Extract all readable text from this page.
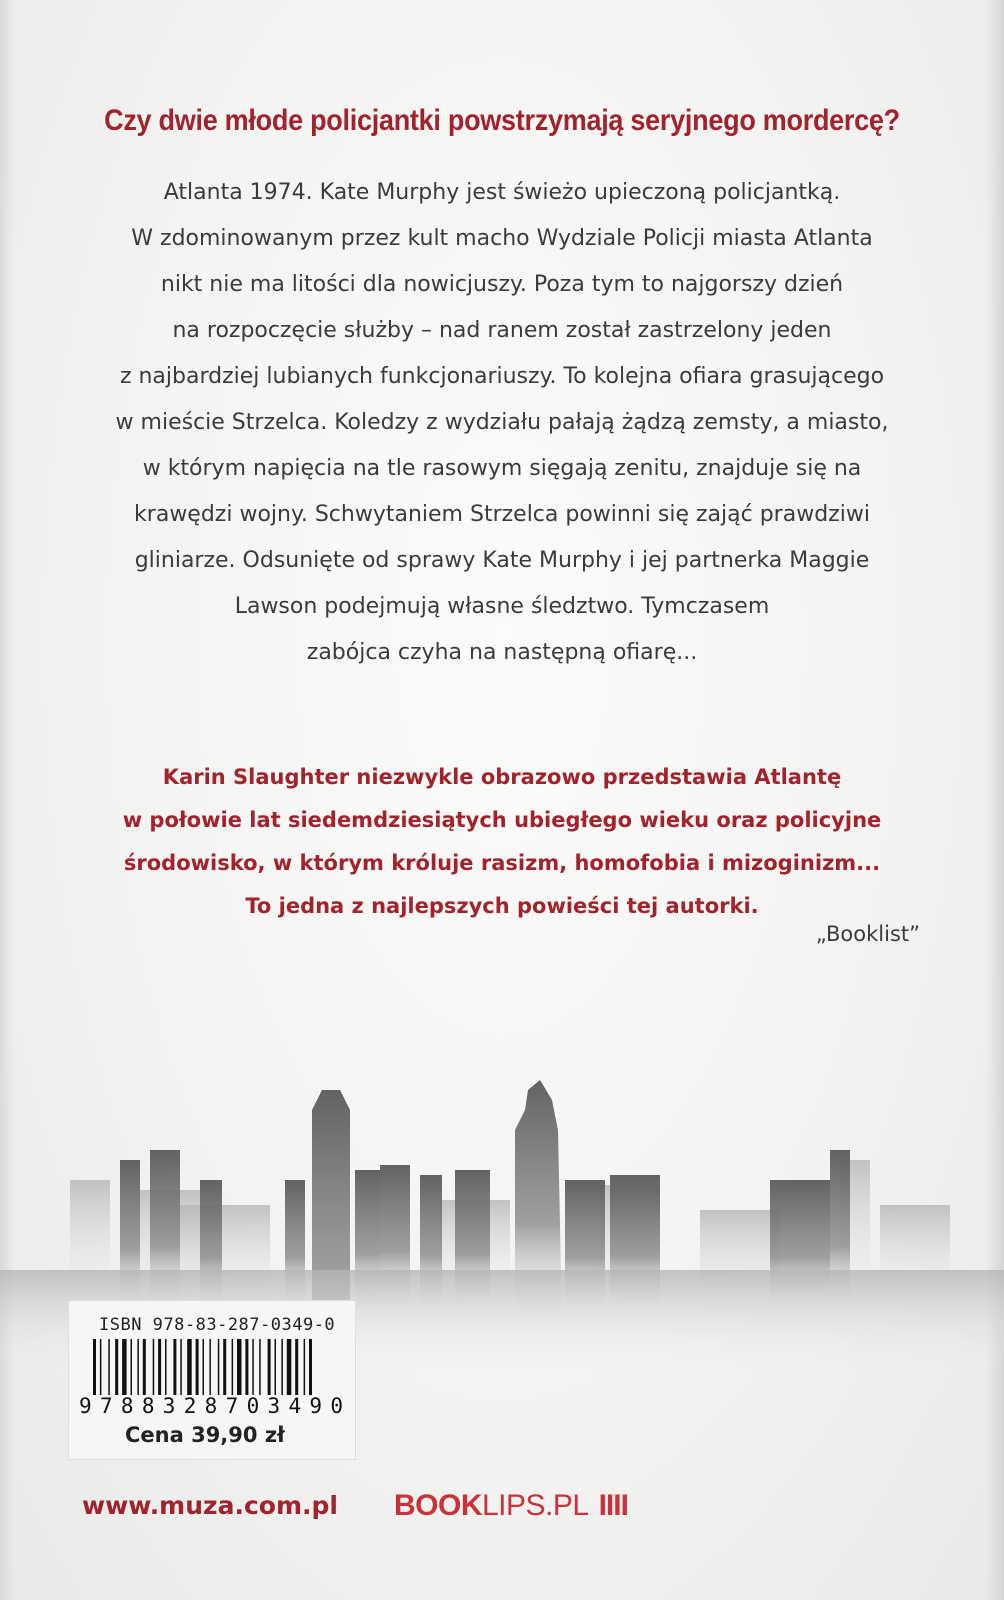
Czy dwie młode policjantki powstrzymają seryjnego mordercę?
Atlanta 1974. Kate Murphy jest świeżo upieczoną policjantką.
W zdominowanym przez kult macho Wydziale Policji miasta Atlanta
nikt nie ma litości dla nowicjuszy. Poza tym to najgorszy dzień
na rozpoczęcie służby – nad ranem został zastrzelony jeden
z najbardziej lubianych funkcjonariuszy. To kolejna ofiara grasującego
w mieście Strzelca. Koledzy z wydziału pałają żądzą zemsty, a miasto,
w którym napięcia na tle rasowym sięgają zenitu, znajduje się na
krawędzi wojny. Schwytaniem Strzelca powinni się zająć prawdziwi
gliniarze. Odsunięte od sprawy Kate Murphy i jej partnerka Maggie
Lawson podejmują własne śledztwo. Tymczasem
zabójca czyha na następną ofiarę...
Karin Slaughter niezwykle obrazowo przedstawia Atlantę
w połowie lat siedemdziesiątych ubiegłego wieku oraz policyjne
środowisko, w którym króluje rasizm, homofobia i mizoginizm...
To jedna z najlepszych powieści tej autorki.
„Booklist”
ISBN 978-83-287-0349-0
9788328703490
Cena 39,90 zł
www.muza.com.pl BOOKLIPS.PL IIII
